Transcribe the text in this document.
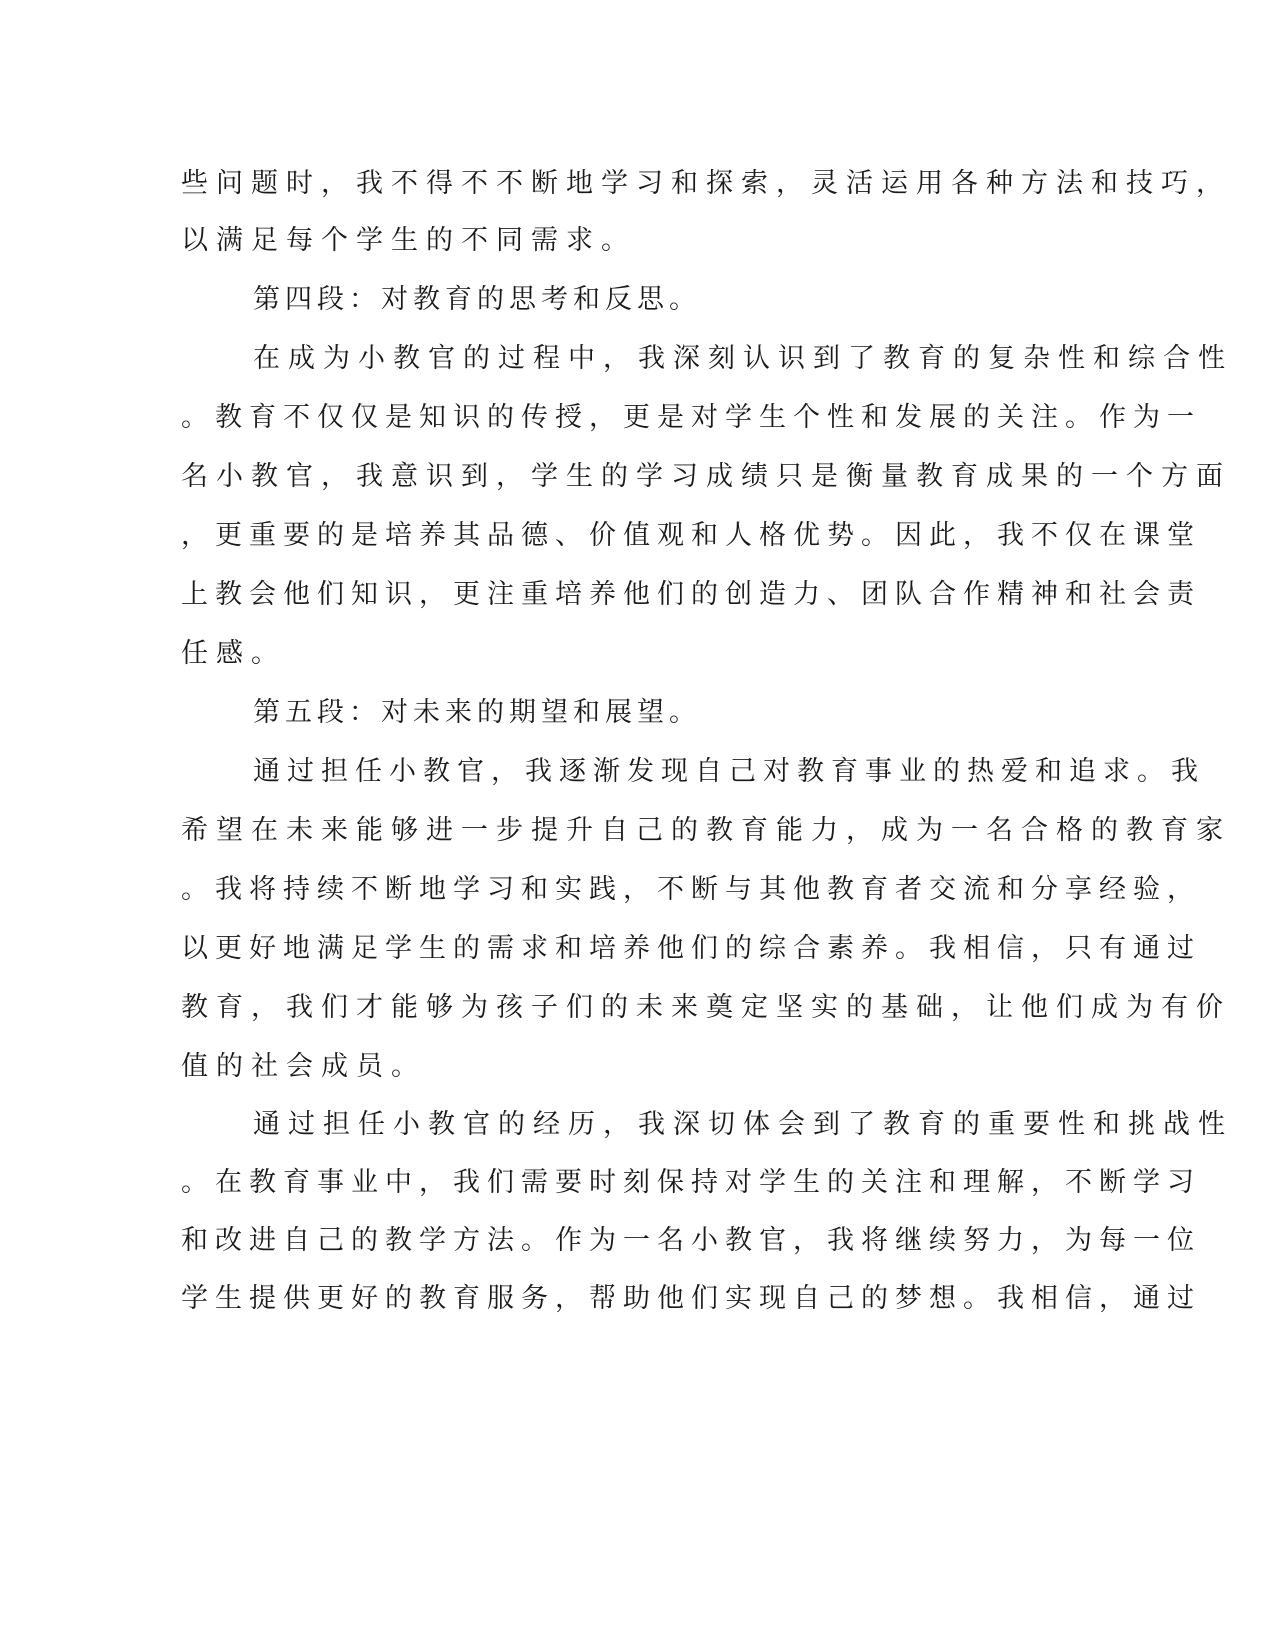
些问题时，我不得不不断地学习和探索，灵活运用各种方法和技巧，
以满足每个学生的不同需求。
第四段：对教育的思考和反思。
在成为小教官的过程中，我深刻认识到了教育的复杂性和综合性
。教育不仅仅是知识的传授，更是对学生个性和发展的关注。作为一
名小教官，我意识到，学生的学习成绩只是衡量教育成果的一个方面
，更重要的是培养其品德、价值观和人格优势。因此，我不仅在课堂
上教会他们知识，更注重培养他们的创造力、团队合作精神和社会责
任感。
第五段：对未来的期望和展望。
通过担任小教官，我逐渐发现自己对教育事业的热爱和追求。我
希望在未来能够进一步提升自己的教育能力，成为一名合格的教育家
。我将持续不断地学习和实践，不断与其他教育者交流和分享经验，
以更好地满足学生的需求和培养他们的综合素养。我相信，只有通过
教育，我们才能够为孩子们的未来奠定坚实的基础，让他们成为有价
值的社会成员。
通过担任小教官的经历，我深切体会到了教育的重要性和挑战性
。在教育事业中，我们需要时刻保持对学生的关注和理解，不断学习
和改进自己的教学方法。作为一名小教官，我将继续努力，为每一位
学生提供更好的教育服务，帮助他们实现自己的梦想。我相信，通过
